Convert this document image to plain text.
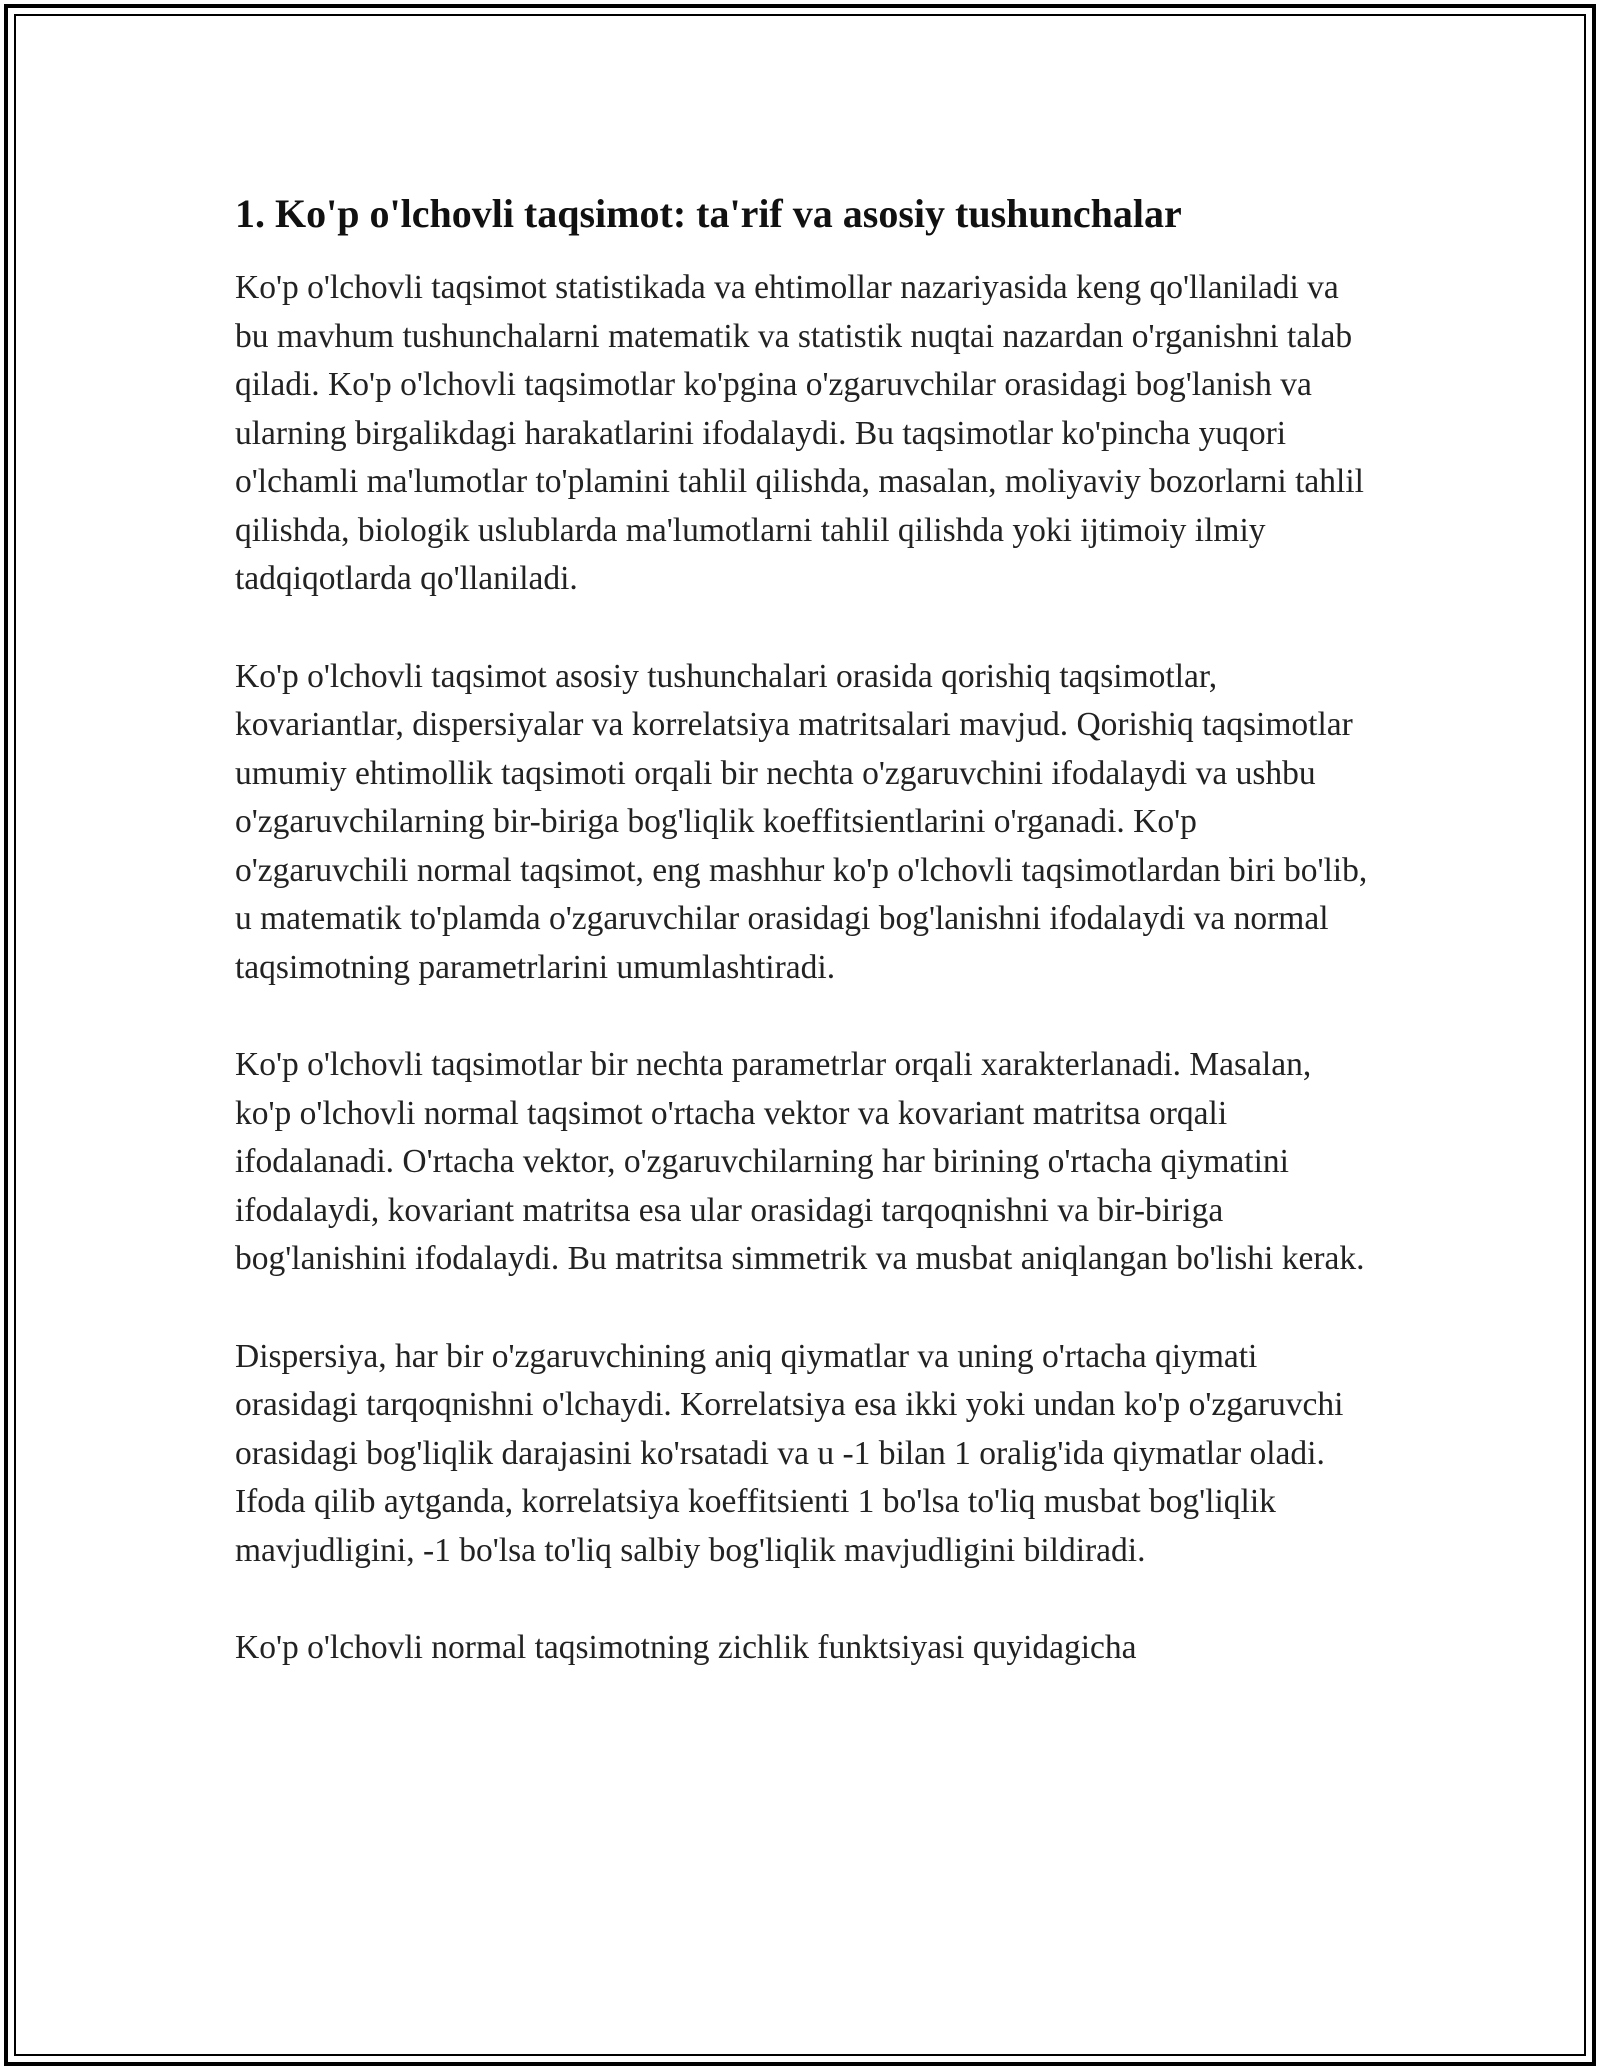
1. Ko'p o'lchovli taqsimot: ta'rif va asosiy tushunchalar

Ko'p o'lchovli taqsimot statistikada va ehtimollar nazariyasida keng qo'llaniladi va bu mavhum tushunchalarni matematik va statistik nuqtai nazardan o'rganishni talab qiladi. Ko'p o'lchovli taqsimotlar ko'pgina o'zgaruvchilar orasidagi bog'lanish va ularning birgalikdagi harakatlarini ifodalaydi. Bu taqsimotlar ko'pincha yuqori o'lchamli ma'lumotlar to'plamini tahlil qilishda, masalan, moliyaviy bozorlarni tahlil qilishda, biologik uslublarda ma'lumotlarni tahlil qilishda yoki ijtimoiy ilmiy tadqiqotlarda qo'llaniladi.

Ko'p o'lchovli taqsimot asosiy tushunchalari orasida qorishiq taqsimotlar, kovariantlar, dispersiyalar va korrelatsiya matritsalari mavjud. Qorishiq taqsimotlar umumiy ehtimollik taqsimoti orqali bir nechta o'zgaruvchini ifodalaydi va ushbu o'zgaruvchilarning bir-biriga bog'liqlik koeffitsientlarini o'rganadi. Ko'p o'zgaruvchili normal taqsimot, eng mashhur ko'p o'lchovli taqsimotlardan biri bo'lib, u matematik to'plamda o'zgaruvchilar orasidagi bog'lanishni ifodalaydi va normal taqsimotning parametrlarini umumlashtiradi.

Ko'p o'lchovli taqsimotlar bir nechta parametrlar orqali xarakterlanadi. Masalan, ko'p o'lchovli normal taqsimot o'rtacha vektor va kovariant matritsa orqali ifodalanadi. O'rtacha vektor, o'zgaruvchilarning har birining o'rtacha qiymatini ifodalaydi, kovariant matritsa esa ular orasidagi tarqoqnishni va bir-biriga bog'lanishini ifodalaydi. Bu matritsa simmetrik va musbat aniqlangan bo'lishi kerak.

Dispersiya, har bir o'zgaruvchining aniq qiymatlar va uning o'rtacha qiymati orasidagi tarqoqnishni o'lchaydi. Korrelatsiya esa ikki yoki undan ko'p o'zgaruvchi orasidagi bog'liqlik darajasini ko'rsatadi va u -1 bilan 1 oralig'ida qiymatlar oladi. Ifoda qilib aytganda, korrelatsiya koeffitsienti 1 bo'lsa to'liq musbat bog'liqlik mavjudligini, -1 bo'lsa to'liq salbiy bog'liqlik mavjudligini bildiradi.

Ko'p o'lchovli normal taqsimotning zichlik funktsiyasi quyidagicha
